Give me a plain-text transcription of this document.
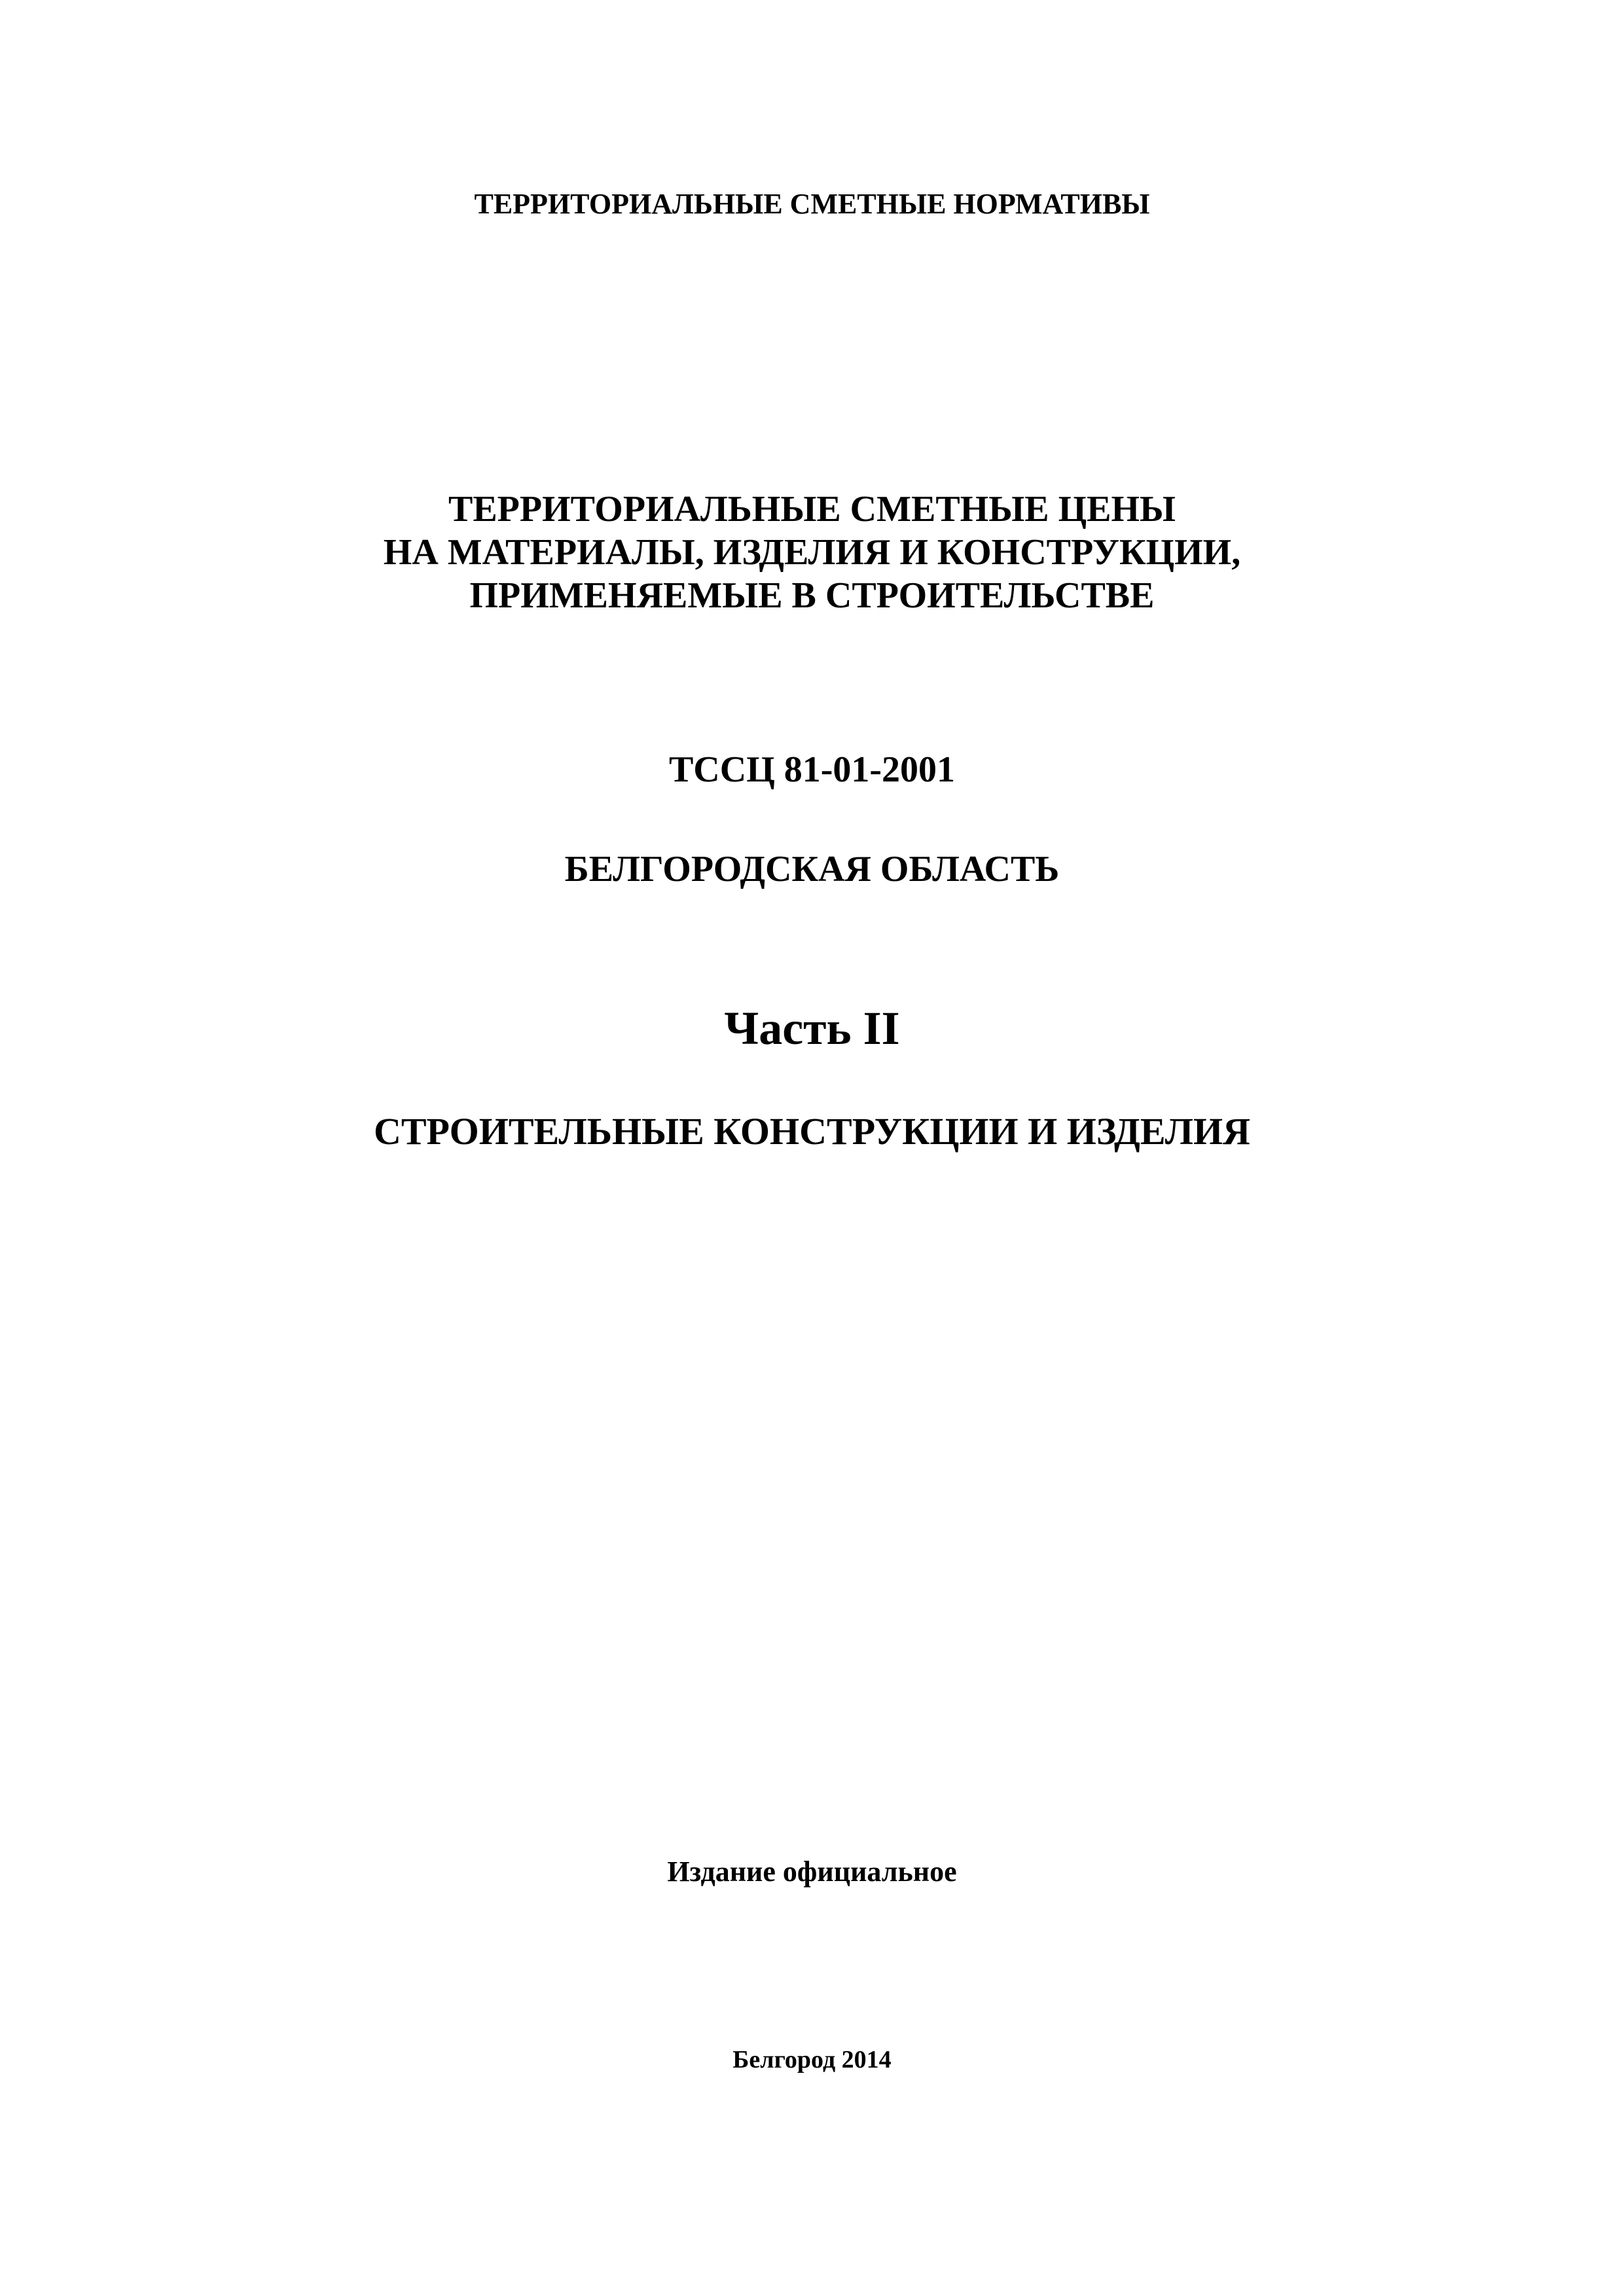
ТЕРРИТОРИАЛЬНЫЕ СМЕТНЫЕ НОРМАТИВЫ
ТЕРРИТОРИАЛЬНЫЕ СМЕТНЫЕ ЦЕНЫ
НА МАТЕРИАЛЫ, ИЗДЕЛИЯ И КОНСТРУКЦИИ,
ПРИМЕНЯЕМЫЕ В СТРОИТЕЛЬСТВЕ
ТССЦ 81-01-2001
БЕЛГОРОДСКАЯ ОБЛАСТЬ
Часть II
СТРОИТЕЛЬНЫЕ КОНСТРУКЦИИ И ИЗДЕЛИЯ
Издание официальное
Белгород 2014
